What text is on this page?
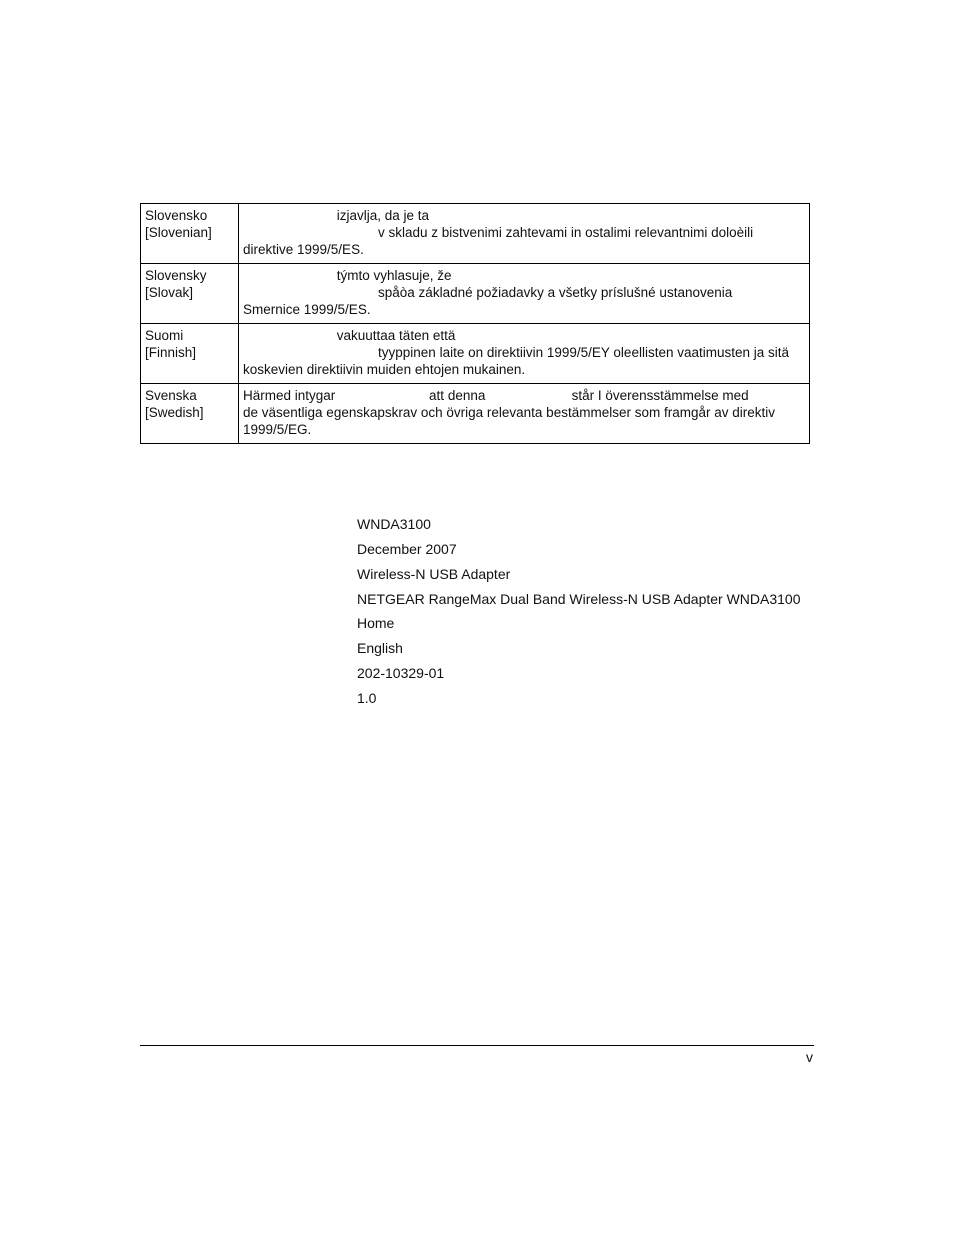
Slovensko
[Slovenian]	izjavlja, da je ta
v skladu z bistvenimi zahtevami in ostalimi relevantnimi doloèili
direktive 1999/5/ES.

Slovensky
[Slovak]	týmto vyhlasuje, že
spåòa základné požiadavky a všetky príslušné ustanovenia
Smernice 1999/5/ES.

Suomi
[Finnish]	vakuuttaa täten että
tyyppinen laite on direktiivin 1999/5/EY oleellisten vaatimusten ja sitä
koskevien direktiivin muiden ehtojen mukainen.

Svenska
[Swedish]	Härmed intygar                         att denna                       står I överensstämmelse med
de väsentliga egenskapskrav och övriga relevanta bestämmelser som framgår av direktiv
1999/5/EG.
WNDA3100
December 2007
Wireless-N USB Adapter
NETGEAR RangeMax Dual Band Wireless-N USB Adapter WNDA3100
Home
English
202-10329-01
1.0
v
